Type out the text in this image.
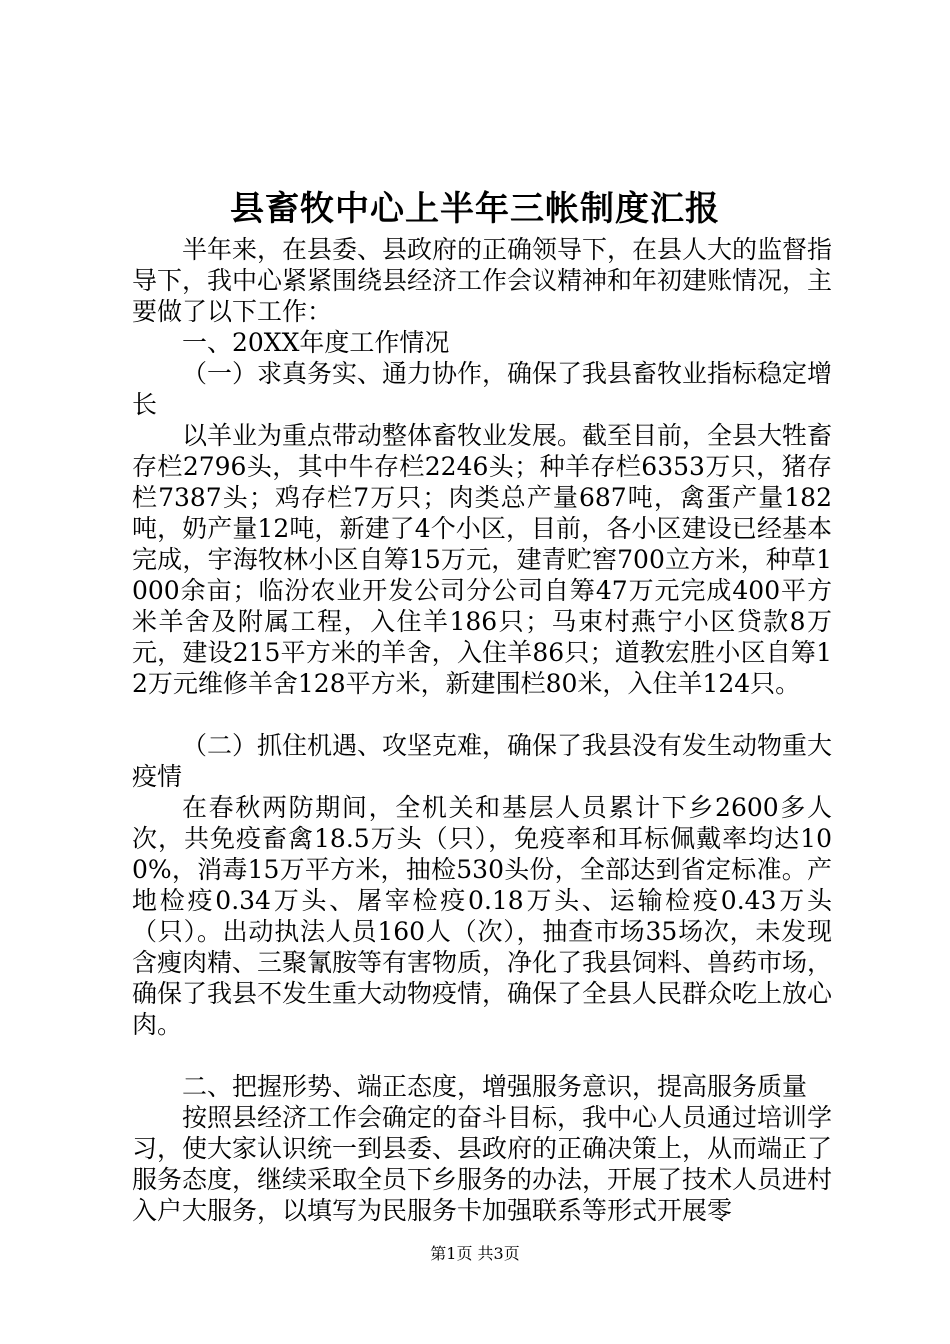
县畜牧中心上半年三帐制度汇报

半年来，在县委、县政府的正确领导下，在县人大的监督指导下，我中心紧紧围绕县经济工作会议精神和年初建账情况，主要做了以下工作：

一、20XX年度工作情况

（一）求真务实、通力协作，确保了我县畜牧业指标稳定增长

以羊业为重点带动整体畜牧业发展。截至目前，全县大牲畜存栏2796头，其中牛存栏2246头；种羊存栏6353万只，猪存栏7387头；鸡存栏7万只；肉类总产量687吨，禽蛋产量182吨，奶产量12吨，新建了4个小区，目前，各小区建设已经基本完成，宇海牧林小区自筹15万元，建青贮窖700立方米，种草1000余亩；临汾农业开发公司分公司自筹47万元完成400平方米羊舍及附属工程，入住羊186只；马束村燕宁小区贷款8万元，建设215平方米的羊舍，入住羊86只；道教宏胜小区自筹12万元维修羊舍128平方米，新建围栏80米，入住羊124只。

（二）抓住机遇、攻坚克难，确保了我县没有发生动物重大疫情

在春秋两防期间，全机关和基层人员累计下乡2600多人次，共免疫畜禽18.5万头（只），免疫率和耳标佩戴率均达100%，消毒15万平方米，抽检530头份，全部达到省定标准。产地检疫0.34万头、屠宰检疫0.18万头、运输检疫0.43万头（只）。出动执法人员160人（次），抽查市场35场次，未发现含瘦肉精、三聚氰胺等有害物质，净化了我县饲料、兽药市场，确保了我县不发生重大动物疫情，确保了全县人民群众吃上放心肉。

二、把握形势、端正态度，增强服务意识，提高服务质量

按照县经济工作会确定的奋斗目标，我中心人员通过培训学习，使大家认识统一到县委、县政府的正确决策上，从而端正了服务态度，继续采取全员下乡服务的办法，开展了技术人员进村入户大服务，以填写为民服务卡加强联系等形式开展零

第1页 共3页
